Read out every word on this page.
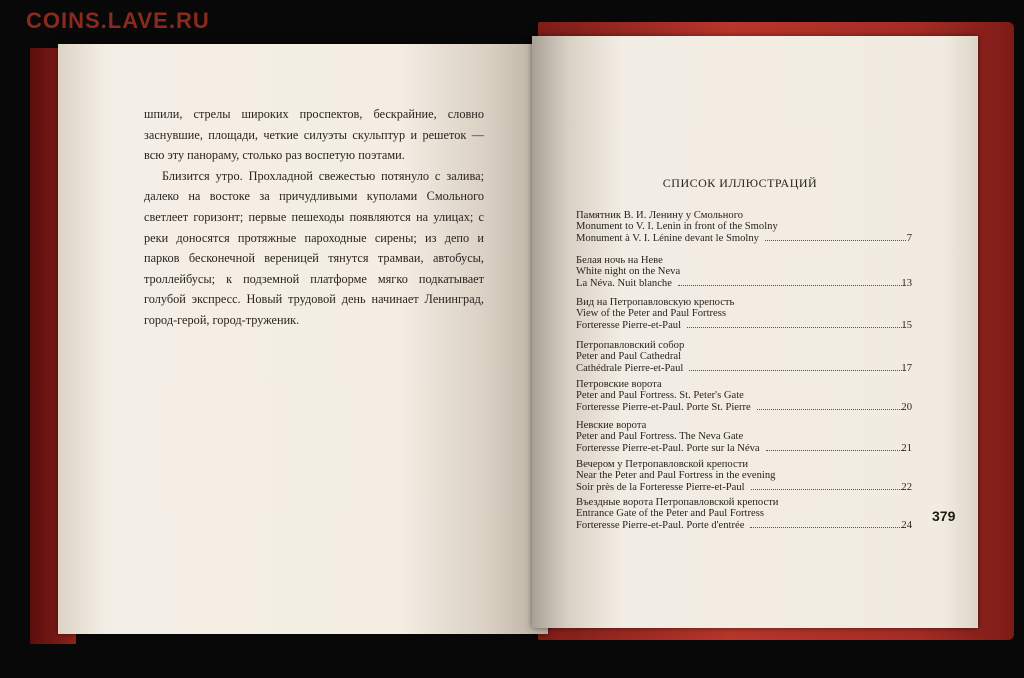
COINS.LAVE.RU

шпили, стрелы широких проспектов, бескрайние, словно заснувшие, площади, четкие силуэты скульптур и решеток — всю эту панораму, столько раз воспетую поэтами.

Близится утро. Прохладной свежестью потянуло с залива; далеко на востоке за причудливыми куполами Смольного светлеет горизонт; первые пешеходы появляются на улицах; с реки доносятся протяжные пароходные сирены; из депо и парков бесконечной вереницей тянутся трамваи, автобусы, троллейбусы; к подземной платформе мягко подкатывает голубой экспресс. Новый трудовой день начинает Ленинград, город-герой, город-труженик.

СПИСОК ИЛЛЮСТРАЦИЙ
Памятник В. И. Ленину у Смольного
Monument to V. I. Lenin in front of the Smolny
Monument à V. I. Lénine devant le Smolny	7
Белая ночь на Неве
White night on the Neva
La Néva. Nuit blanche	13
Вид на Петропавловскую крепость
View of the Peter and Paul Fortress
Forteresse Pierre-et-Paul	15
Петропавловский собор
Peter and Paul Cathedral
Cathédrale Pierre-et-Paul	17
Петровские ворота
Peter and Paul Fortress. St. Peter's Gate
Forteresse Pierre-et-Paul. Porte St. Pierre	20
Невские ворота
Peter and Paul Fortress. The Neva Gate
Forteresse Pierre-et-Paul. Porte sur la Néva	21
Вечером у Петропавловской крепости
Near the Peter and Paul Fortress in the evening
Soir près de la Forteresse Pierre-et-Paul	22
Въездные ворота Петропавловской крепости
Entrance Gate of the Peter and Paul Fortress
Forteresse Pierre-et-Paul. Porte d'entrée	24
379
